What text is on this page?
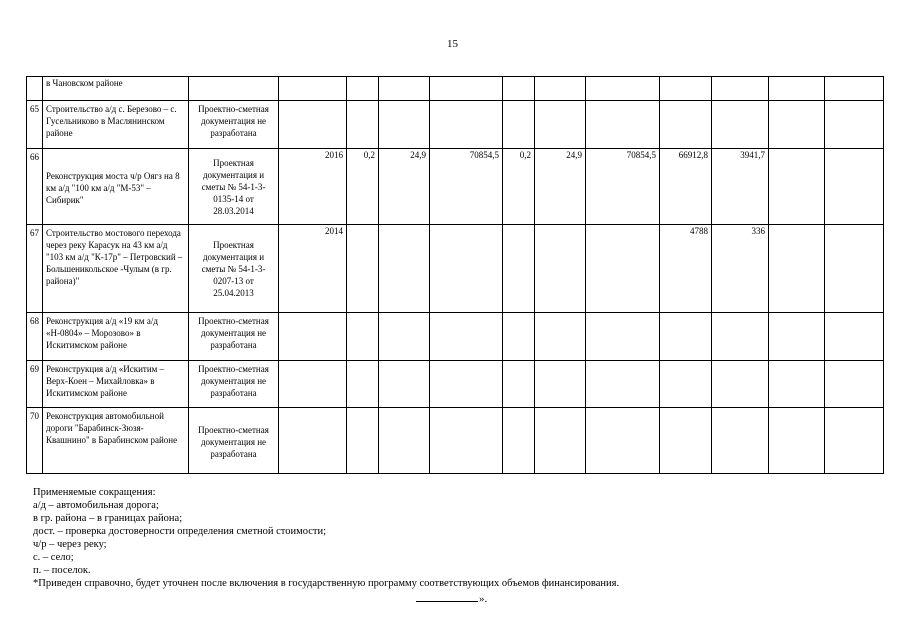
15
	в Чановском районе												
65	Строительство а/д с. Березово – с. Гусельниково в Маслянинском районе	Проектно-сметная документация не разработана											
66	Реконструкция моста ч/р Оягз на 8 км а/д "100 км а/д "М-53" – Сибирик"	Проектная документация и сметы № 54-1-3-0135-14 от 28.03.2014	2016	0,2	24,9	70854,5	0,2	24,9	70854,5	66912,8	3941,7		
67	Строительство мостового перехода через реку Карасук на 43 км а/д "103 км а/д "К-17р" – Петровский – Большеникольское -Чулым (в гр. района)"	Проектная документация и сметы № 54-1-3-0207-13 от 25.04.2013	2014							4788	336		
68	Реконструкция а/д «19 км а/д «Н-0804» – Морозово» в Искитимском районе	Проектно-сметная документация не разработана											
69	Реконструкция а/д «Искитим – Верх-Коен – Михайловка» в Искитимском районе	Проектно-сметная документация не разработана											
70	Реконструкция автомобильной дороги "Барабинск-Зюзя-Квашнино" в Барабинском районе	Проектно-сметная документация не разработана											
Применяемые сокращения:
а/д – автомобильная дорога;
в гр. района – в границах района;
дост. – проверка достоверности определения сметной стоимости;
ч/р – через реку;
с. – село;
п. – поселок.
*Приведен справочно, будет уточнен после включения в государственную программу соответствующих объемов финансирования.
».
